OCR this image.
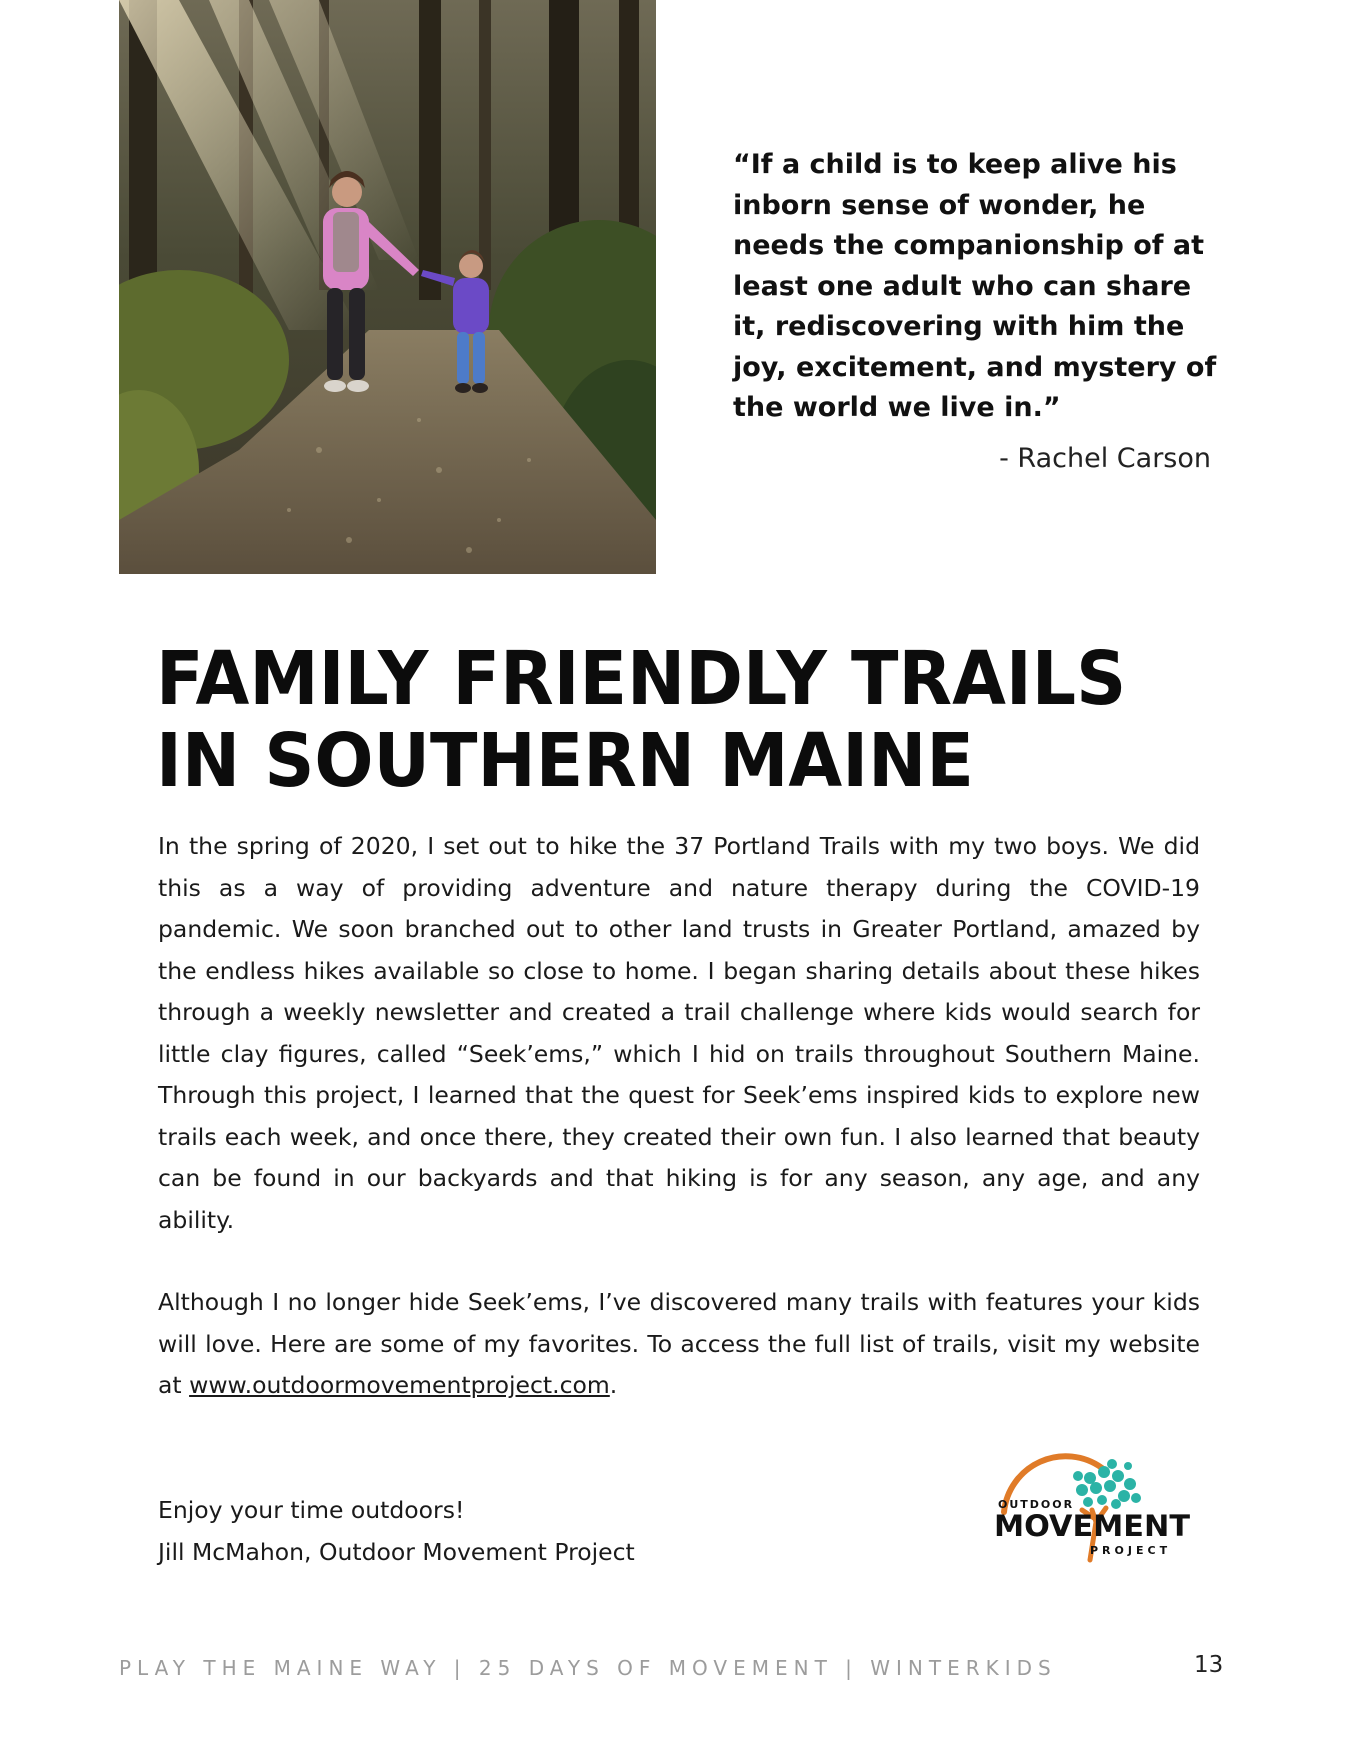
“If a child is to keep alive his inborn sense of wonder, he needs the companionship of at least one adult who can share it, rediscovering with him the joy, excitement, and mystery of the world we live in.”

- Rachel Carson

FAMILY FRIENDLY TRAILS
IN SOUTHERN MAINE

In the spring of 2020, I set out to hike the 37 Portland Trails with my two boys. We did this as a way of providing adventure and nature therapy during the COVID-19 pandemic. We soon branched out to other land trusts in Greater Portland, amazed by the endless hikes available so close to home. I began sharing details about these hikes through a weekly newsletter and created a trail challenge where kids would search for little clay figures, called “Seek’ems,” which I hid on trails throughout Southern Maine. Through this project, I learned that the quest for Seek’ems inspired kids to explore new trails each week, and once there, they created their own fun. I also learned that beauty can be found in our backyards and that hiking is for any season, any age, and any ability.

Although I no longer hide Seek’ems, I’ve discovered many trails with features your kids will love. Here are some of my favorites. To access the full list of trails, visit my website at www.outdoormovementproject.com.

Enjoy your time outdoors!
Jill McMahon, Outdoor Movement Project
OUTDOOR
MOVEMENT
PROJECT
PLAY THE MAINE WAY | 25 DAYS OF MOVEMENT | WINTERKIDS	13
